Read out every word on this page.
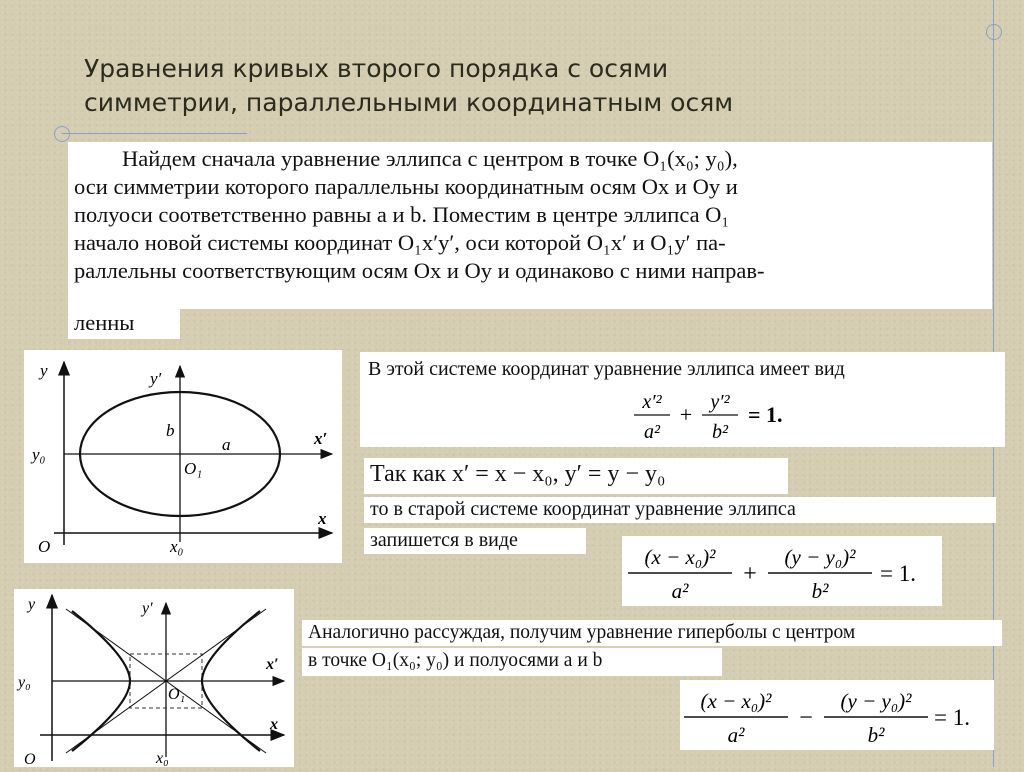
Уравнения кривых второго порядка с осями
симметрии, параллельными координатным осям
Найдем сначала уравнение эллипса с центром в точке O₁(x₀; y₀),
оси симметрии которого параллельны координатным осям Ox и Oy и
полуоси соответственно равны a и b. Поместим в центре эллипса O₁
начало новой системы координат O₁x′y′, оси которой O₁x′ и O₁y′ па-
раллельны соответствующим осям Ox и Oy и одинаково с ними направ-
ленны
y	y′
b
a	x′
y₀
O₁
x
O	x₀
В этой системе координат уравнение эллипса имеет вид
x′²
a²
+ y′²
b²
= 1.
Так как x′ = x − x₀, y′ = y − y₀
то в старой системе координат уравнение эллипса
запишется в виде
(x − x₀)²
a²
+
(y − y₀)²
b²
= 1.
y	y′
x′
y₀
O₁
x
O	x₀
Аналогично рассуждая, получим уравнение гиперболы с центром
в точке O₁(x₀; y₀) и полуосями a и b
(x − x₀)²
a²
−
(y − y₀)²
b²
= 1.
